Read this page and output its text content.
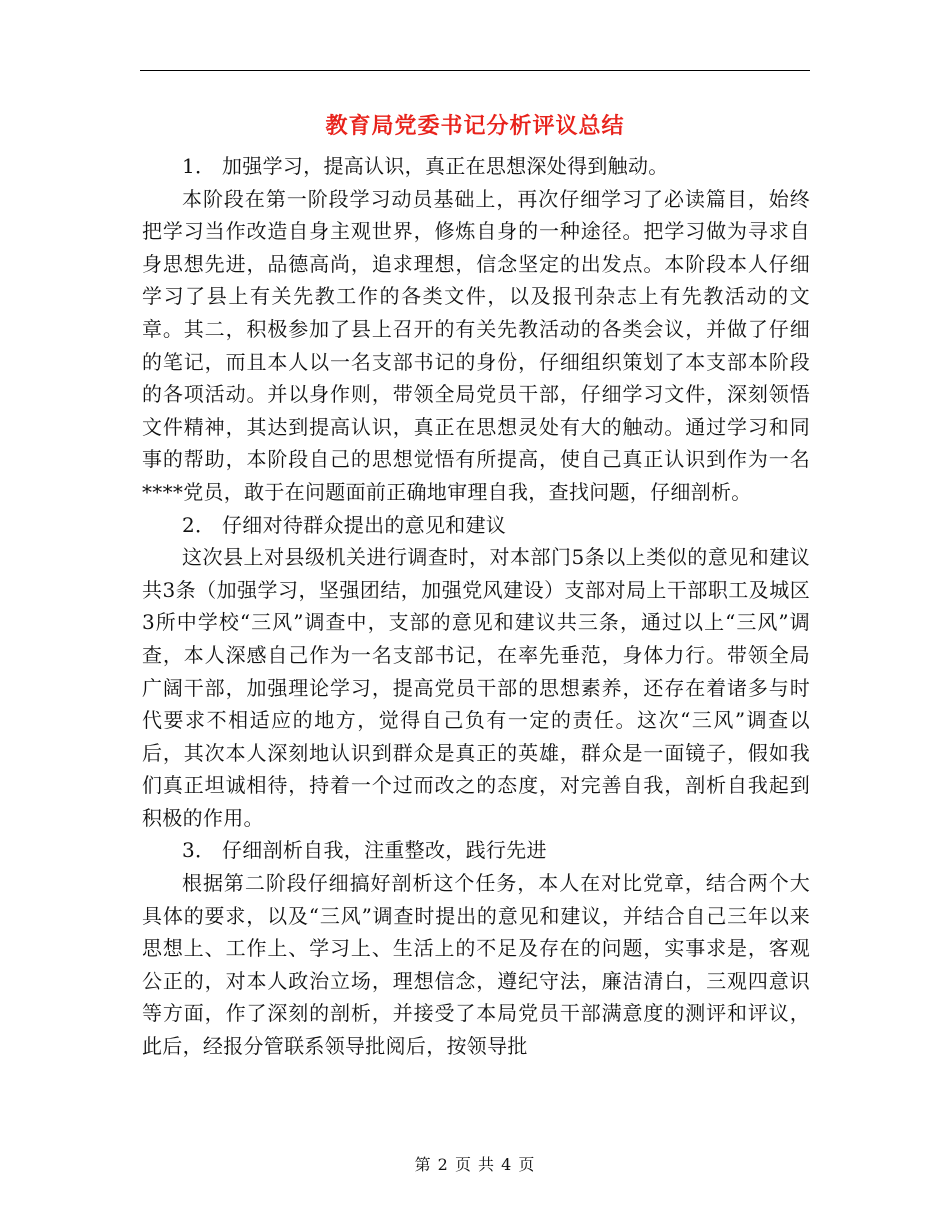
教育局党委书记分析评议总结

1． 加强学习，提高认识，真正在思想深处得到触动。

本阶段在第一阶段学习动员基础上，再次仔细学习了必读篇目，始终把学习当作改造自身主观世界，修炼自身的一种途径。把学习做为寻求自身思想先进，品德高尚，追求理想，信念坚定的出发点。本阶段本人仔细学习了县上有关先教工作的各类文件，以及报刊杂志上有先教活动的文章。其二，积极参加了县上召开的有关先教活动的各类会议，并做了仔细的笔记，而且本人以一名支部书记的身份，仔细组织策划了本支部本阶段的各项活动。并以身作则，带领全局党员干部，仔细学习文件，深刻领悟文件精神，其达到提高认识，真正在思想灵处有大的触动。通过学习和同事的帮助，本阶段自己的思想觉悟有所提高，使自己真正认识到作为一名****党员，敢于在问题面前正确地审理自我，查找问题，仔细剖析。

2． 仔细对待群众提出的意见和建议

这次县上对县级机关进行调查时，对本部门5条以上类似的意见和建议共3条（加强学习，坚强团结，加强党风建设）支部对局上干部职工及城区3所中学校“三风”调查中，支部的意见和建议共三条，通过以上“三风”调查，本人深感自己作为一名支部书记，在率先垂范，身体力行。带领全局广阔干部，加强理论学习，提高党员干部的思想素养，还存在着诸多与时代要求不相适应的地方，觉得自己负有一定的责任。这次“三风”调查以后，其次本人深刻地认识到群众是真正的英雄，群众是一面镜子，假如我们真正坦诚相待，持着一个过而改之的态度，对完善自我，剖析自我起到积极的作用。

3． 仔细剖析自我，注重整改，践行先进

根据第二阶段仔细搞好剖析这个任务，本人在对比党章，结合两个大具体的要求，以及“三风”调查时提出的意见和建议，并结合自己三年以来思想上、工作上、学习上、生活上的不足及存在的问题，实事求是，客观公正的，对本人政治立场，理想信念，遵纪守法，廉洁清白，三观四意识等方面，作了深刻的剖析，并接受了本局党员干部满意度的测评和评议，此后，经报分管联系领导批阅后，按领导批

第 2 页 共 4 页
